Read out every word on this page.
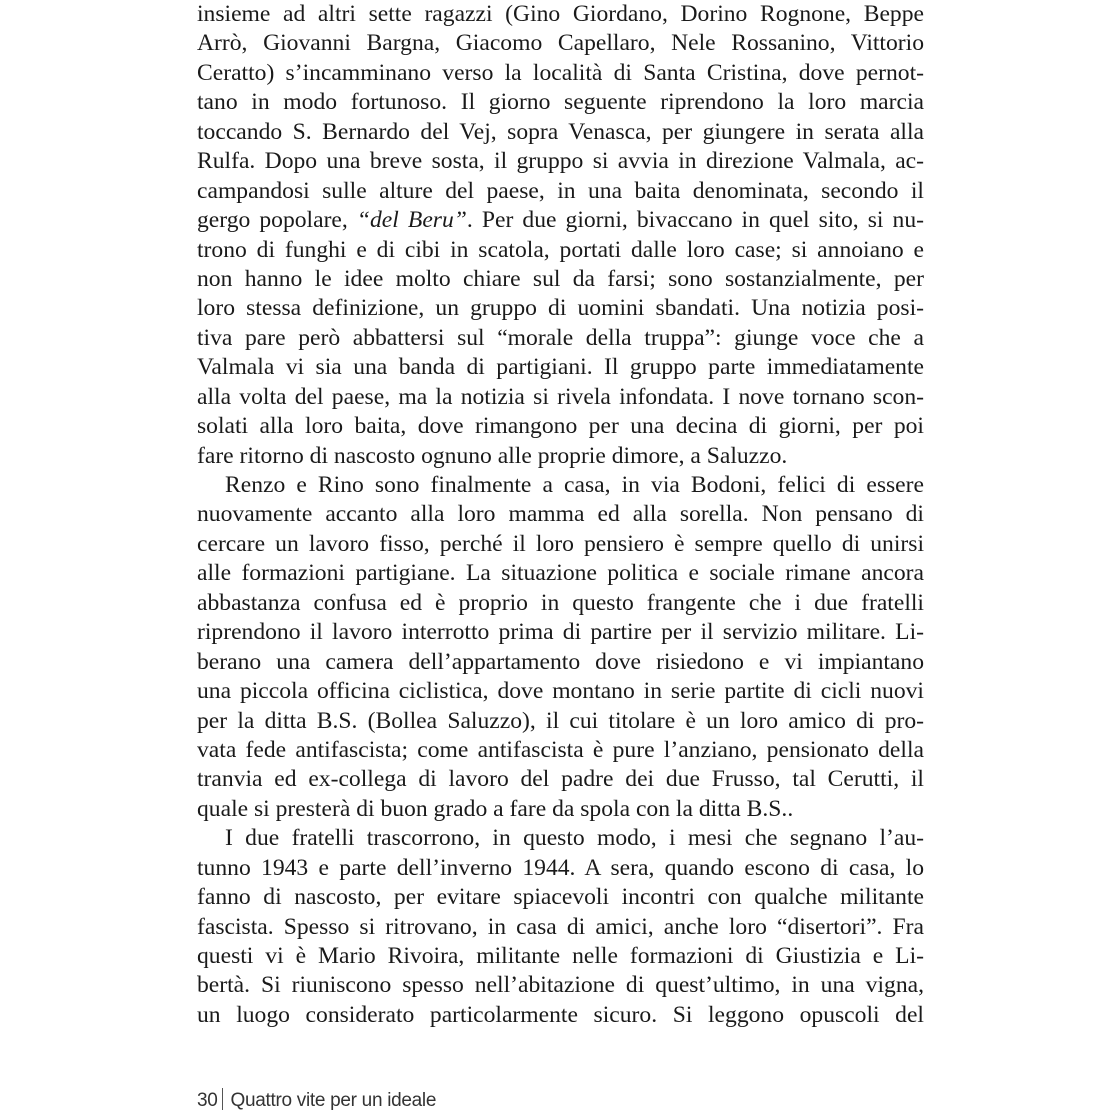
insieme ad altri sette ragazzi (Gino Giordano, Dorino Rognone, Beppe
Arrò, Giovanni Bargna, Giacomo Capellaro, Nele Rossanino, Vittorio
Ceratto) s’incamminano verso la località di Santa Cristina, dove pernot-
tano in modo fortunoso. Il giorno seguente riprendono la loro marcia
toccando S. Bernardo del Vej, sopra Venasca, per giungere in serata alla
Rulfa. Dopo una breve sosta, il gruppo si avvia in direzione Valmala, ac-
campandosi sulle alture del paese, in una baita denominata, secondo il
gergo popolare, “del Beru”. Per due giorni, bivaccano in quel sito, si nu-
trono di funghi e di cibi in scatola, portati dalle loro case; si annoiano e
non hanno le idee molto chiare sul da farsi; sono sostanzialmente, per
loro stessa definizione, un gruppo di uomini sbandati. Una notizia posi-
tiva pare però abbattersi sul “morale della truppa”: giunge voce che a
Valmala vi sia una banda di partigiani. Il gruppo parte immediatamente
alla volta del paese, ma la notizia si rivela infondata. I nove tornano scon-
solati alla loro baita, dove rimangono per una decina di giorni, per poi
fare ritorno di nascosto ognuno alle proprie dimore, a Saluzzo.
Renzo e Rino sono finalmente a casa, in via Bodoni, felici di essere
nuovamente accanto alla loro mamma ed alla sorella. Non pensano di
cercare un lavoro fisso, perché il loro pensiero è sempre quello di unirsi
alle formazioni partigiane. La situazione politica e sociale rimane ancora
abbastanza confusa ed è proprio in questo frangente che i due fratelli
riprendono il lavoro interrotto prima di partire per il servizio militare. Li-
berano una camera dell’appartamento dove risiedono e vi impiantano
una piccola officina ciclistica, dove montano in serie partite di cicli nuovi
per la ditta B.S. (Bollea Saluzzo), il cui titolare è un loro amico di pro-
vata fede antifascista; come antifascista è pure l’anziano, pensionato della
tranvia ed ex-collega di lavoro del padre dei due Frusso, tal Cerutti, il
quale si presterà di buon grado a fare da spola con la ditta B.S..
I due fratelli trascorrono, in questo modo, i mesi che segnano l’au-
tunno 1943 e parte dell’inverno 1944. A sera, quando escono di casa, lo
fanno di nascosto, per evitare spiacevoli incontri con qualche militante
fascista. Spesso si ritrovano, in casa di amici, anche loro “disertori”. Fra
questi vi è Mario Rivoira, militante nelle formazioni di Giustizia e Li-
bertà. Si riuniscono spesso nell’abitazione di quest’ultimo, in una vigna,
un luogo considerato particolarmente sicuro. Si leggono opuscoli del
30 Quattro vite per un ideale
